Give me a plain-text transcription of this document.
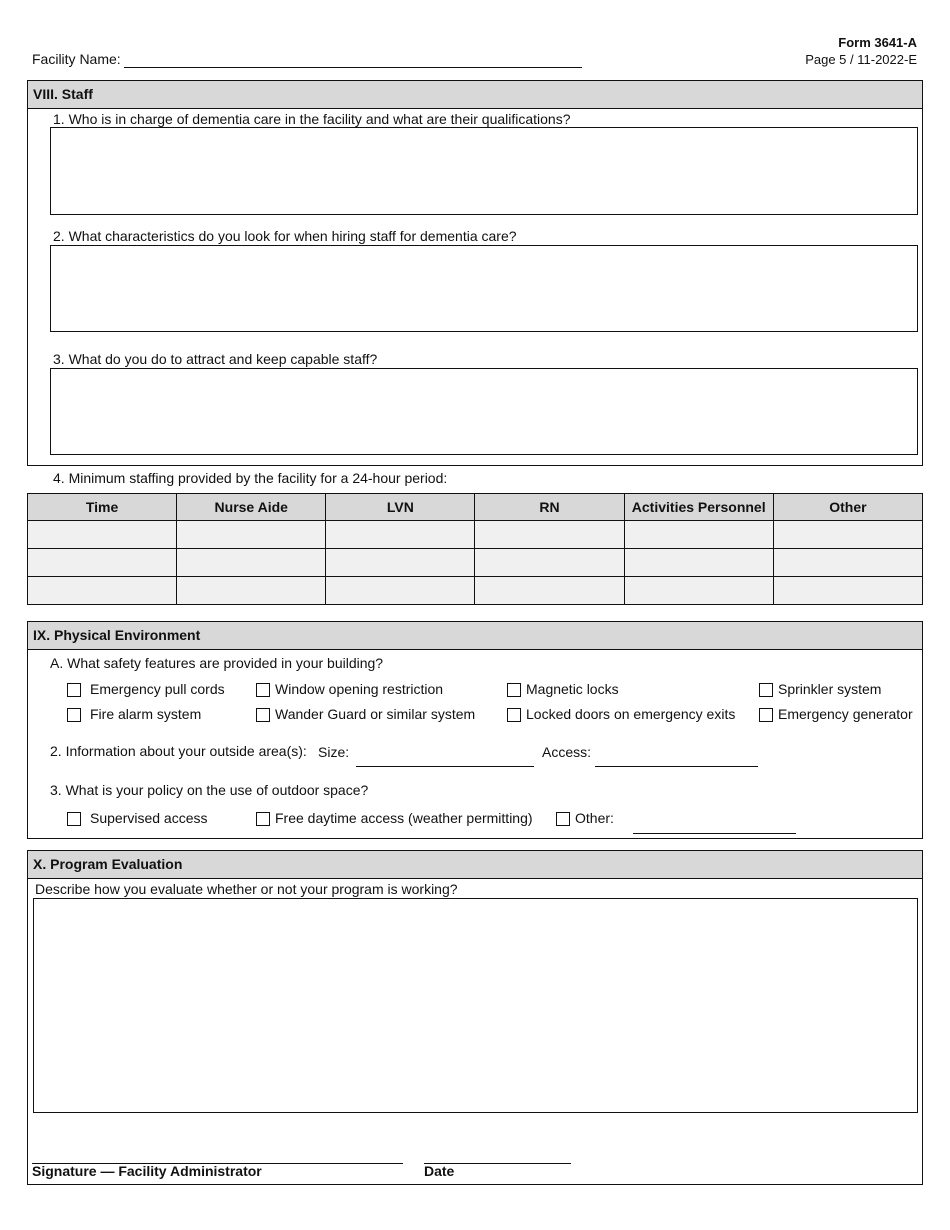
Form 3641-A
Page 5 / 11-2022-E
Facility Name:
VIII. Staff
1. Who is in charge of dementia care in the facility and what are their qualifications?
2. What characteristics do you look for when hiring staff for dementia care?
3. What do you do to attract and keep capable staff?
4. Minimum staffing provided by the facility for a 24-hour period:
Time	Nurse Aide	LVN	RN	Activities Personnel	Other

IX. Physical Environment
A. What safety features are provided in your building?
Emergency pull cords	Window opening restriction	Magnetic locks	Sprinkler system
Fire alarm system	Wander Guard or similar system	Locked doors on emergency exits	Emergency generator
2. Information about your outside area(s): Size:	Access:
3. What is your policy on the use of outdoor space?
Supervised access	Free daytime access (weather permitting)	Other:
X. Program Evaluation
Describe how you evaluate whether or not your program is working?
Signature — Facility Administrator	Date
